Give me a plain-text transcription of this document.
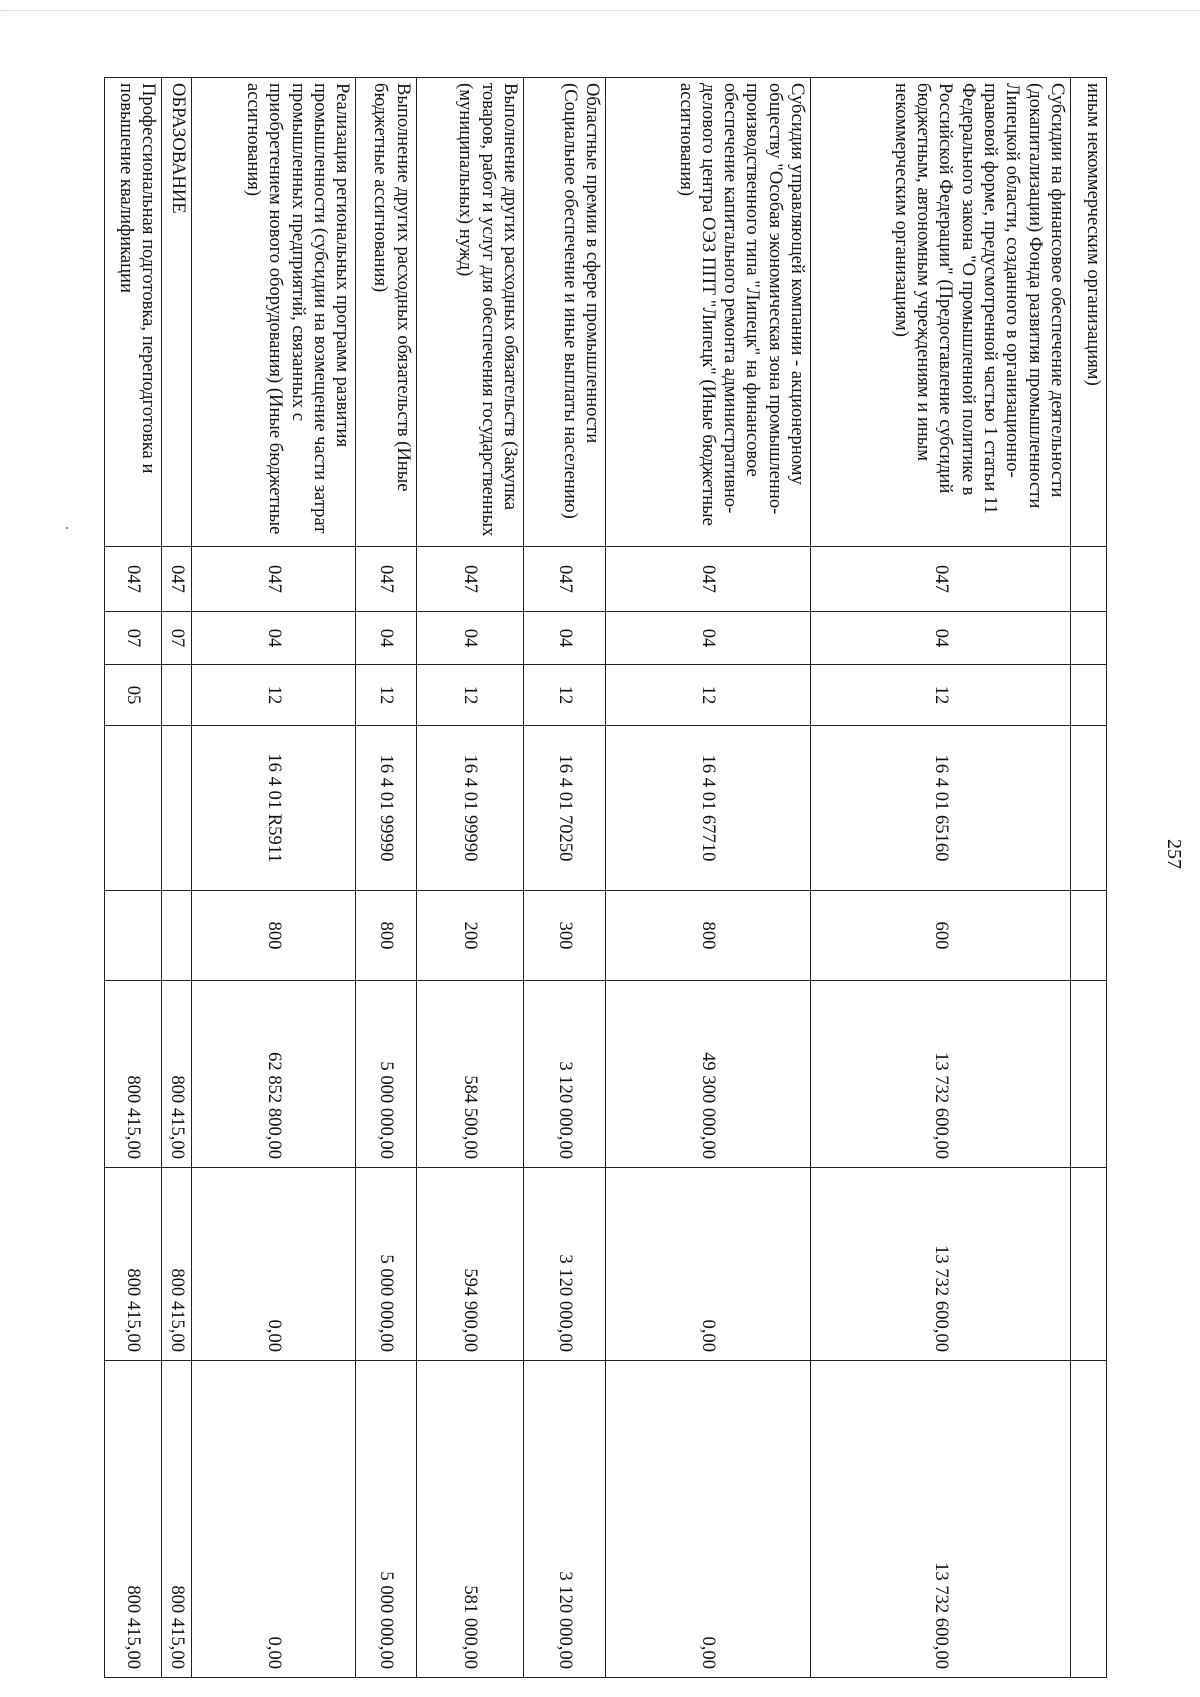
257
иным некоммерческим организациям)								
Субсидии на финансовое обеспечение деятельности (докапитализации) Фонда развития промышленности Липецкой области, созданного в организационно-правовой форме, предусмотренной частью 1 статьи 11 Федерального закона "О промышленной политике в Российской Федерации" (Предоставление субсидий бюджетным, автономным учреждениям и иным некоммерческим организациям)	047	04	12	16 4 01 65160	600	13 732 600,00	13 732 600,00	13 732 600,00
Субсидия управляющей компании - акционерному обществу "Особая экономическая зона промышленно-производственного типа "Липецк" на финансовое обеспечение капитального ремонта административно-делового центра ОЭЗ ППТ "Липецк" (Иные бюджетные ассигнования)	047	04	12	16 4 01 67710	800	49 300 000,00	0,00	0,00
Областные премии в сфере промышленности (Социальное обеспечение и иные выплаты населению)	047	04	12	16 4 01 70250	300	3 120 000,00	3 120 000,00	3 120 000,00
Выполнение других расходных обязательств (Закупка товаров, работ и услуг для обеспечения государственных (муниципальных) нужд)	047	04	12	16 4 01 99990	200	584 500,00	594 900,00	581 000,00
Выполнение других расходных обязательств (Иные бюджетные ассигнования)	047	04	12	16 4 01 99990	800	5 000 000,00	5 000 000,00	5 000 000,00
Реализация региональных программ развития промышленности (субсидии на возмещение части затрат промышленных предприятий, связанных с приобретением нового оборудования) (Иные бюджетные ассигнования)	047	04	12	16 4 01 R5911	800	62 852 800,00	0,00	0,00
ОБРАЗОВАНИЕ	047	07				800 415,00	800 415,00	800 415,00
Профессиональная подготовка, переподготовка и повышение квалификации	047	07	05			800 415,00	800 415,00	800 415,00
